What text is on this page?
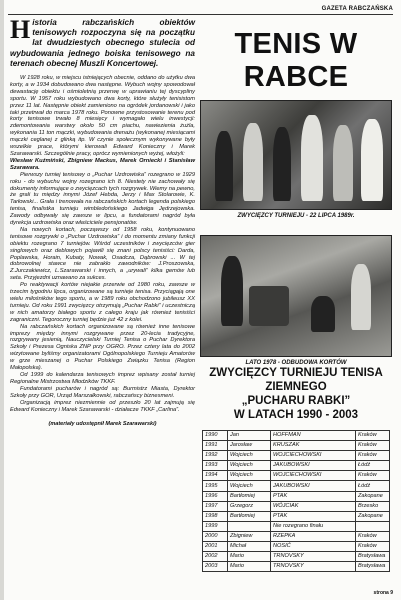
GAZETA RABCZAŃSKA

Historia rabczańskich obiektów tenisowych rozpoczyna się na początku lat dwudziestych obecnego stulecia od wybudowania jednego boiska tenisowego na terenach obecnej Muszli Koncertowej.

W 1928 roku, w miejscu istniejących obecnie, oddano do użytku dwa korty, a w 1934 dobudowano dwa następne. Wybuch wojny spowodował dewastację obiektu i ośmioletnią przerwę w uprawianiu tej dyscypliny sportu. W 1957 roku wybudowano dwa korty, które służyły tenisistom przez 11 lat. Następnie obiekt zamieniono na ogródek jordanowski i jako taki przetrwał do marca 1978 roku. Ponowne przystosowanie terenu pod korty tenisowe trwało 8 miesięcy i wymagało wielu inwestycji: zdemontowania warstwy około 50 cm piachu, nawiezienia żużla, wykonania 11 ton mączki, wybudowania drenażu (wykonanej miesiącami mączki ceglanej z glinką itp. W czynie społecznym wykonywane były wszelkie prace, którymi kierowali Edward Konieczny i Marek Szarawarski. Szczególnie pracy, oprócz wymienionych wyżej, włożyli:

Wiesław Kuźmiński, Zbigniew Mackus, Marek Orniecki i Stanisław Szarawara.

Pierwszy turniej tenisowy o „Puchar Uzdrowiska” rozegrano w 1929 roku - do wybuchu wojny rozegrano ich 8. Niestety nie zachowały się dokumenty informujące o zwycięzcach tych rozgrywek. Wiemy na pewno, że grali tu między innymi Józef Hebda, Jerzy i Max Stolarowie, K. Tarłowski... Grała i trenowała na rabczańskich kortach legenda polskiego tenisa, finalistka turnieju wimbledońskiego Jadwiga Jędrzejowska. Zawody odbywały się zawsze w lipcu, a fundatorami nagród była dyrekcja uzdrowiska oraz właściciele pensjonatów.

Na nowych kortach, począwszy od 1958 roku, kontynuowano tenisowe rozgrywki o „Puchar Uzdrowiska” i do momentu zmiany funkcji obiektu rozegrano 7 turniejów. Wśród uczestników i zwycięzców gier singlowych oraz deblowych pojawili się znani polscy tenisiści: Darda, Poplawska, Horain, Kubaty, Nowak, Osadcza, Dąbrowski ... W tej dobrowolnej stawce nie zabrakło zawodników: J.Proszowska, Z.Jurczakiewicz, L.Szarawarski i innych, a „urywali” kilka gemów lub seta. Przyjezdni uznawano za sukces.

Po reaktywacji kortów niejakie przerwie od 1980 roku, zawsze w trzecim tygodniu lipca, organizowane są turnieje tenisa. Przyciągają one wielu miłośników tego sportu, a w 1989 roku obchodzono jubileusz XX turnieju. Od roku 1991 zwycięzcy otrzymują „Puchar Rabki” i uczestniczą w nich amatorzy białego sportu z całego kraju jak również tenisiści zagraniczni. Tegoroczny turniej będzie już 42 z kolei.

Na rabczańskich kortach organizowane są również inne tenisowe imprezy między innymi rozgrywane przez 20-lecia tradycyjne, rozgrywany jesienią, Nauczycielski Turniej Tenisa o Puchar Dyrektora Szkoły i Prezesa Ogniska ZNP przy OGRO. Przez cztery lata do 2002 wizytowane byliśmy organizatorami Ogólnopolskiego Turnieju Amatorów w grze mieszanej o Puchar Polskiego Związku Tenisa (Region Małopolska).

Od 1999 do kalendarza tenisowych imprez wpisany został turniej Regionalne Mistrzostwa Młodzików TKKF.

Fundatorami pucharów i nagród są: Burmistrz Miasta, Dyrektor Szkoły przy GOR, Urząd Marszałkowski, rabczańscy biznesmeni.

Organizacją imprez niezmiennie od przeszło 20 lat zajmują się Edward Konieczny i Marek Szarawarski - działacze TKKF „Carlina”.

(materiały udostępnił Marek Szarawarski)
TENIS W RABCE
ZWYCIĘZCY TURNIEJU - 22 LIPCA 1989r.
LATO 1978 - ODBUDOWA KORTÓW
ZWYCIĘZCY TURNIEJU TENISA ZIEMNEGO
„PUCHARU RABKI”
W LATACH 1990 - 2003
1990	Jan	HOFFMAN	Kraków
1991	Jarosław	KRUSZAK	Kraków
1992	Wojciech	WOJCIECHOWSKI	Kraków
1993	Wojciech	JAKUBOWSKI	Łódź
1994	Wojciech	WOJCIECHOWSKI	Kraków
1995	Wojciech	JAKUBOWSKI	Łódź
1996	Bartłomiej	PTAK	Zakopane
1997	Grzegorz	WÓJCIAK	Brzesko
1998	Bartłomiej	PTAK	Zakopane
1999		Nie rozegrano finału	
2000	Zbigniew	RZEPKA	Kraków
2001	Michał	NOSIĆ	Kraków
2002	Mario	TRNOVSKY	Bratysława
2003	Mario	TRNOVSKY	Bratysława
strona 9
